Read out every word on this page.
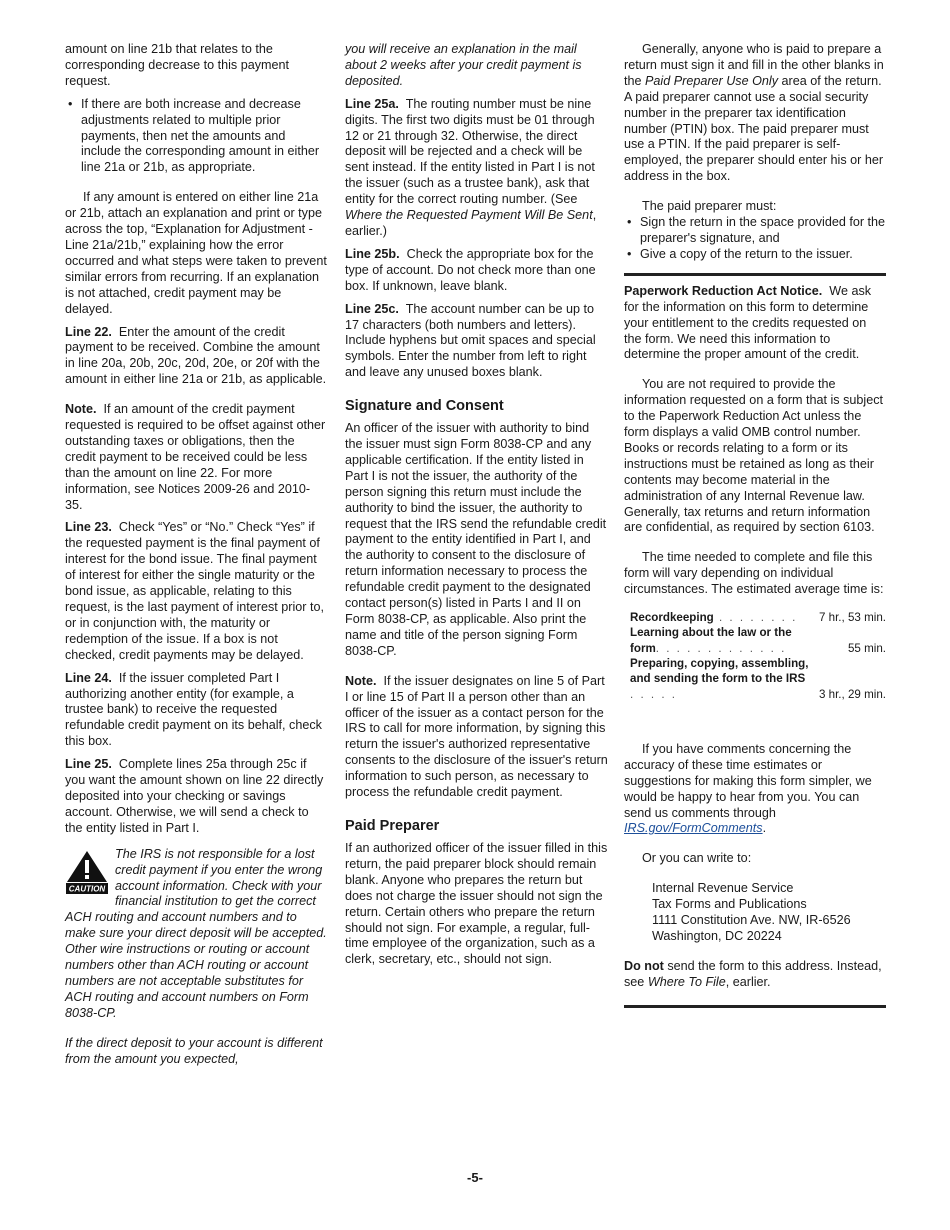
amount on line 21b that relates to the corresponding decrease to this payment request.

• If there are both increase and decrease adjustments related to multiple prior payments, then net the amounts and include the corresponding amount in either line 21a or 21b, as appropriate.

If any amount is entered on either line 21a or 21b, attach an explanation and print or type across the top, “Explanation for Adjustment - Line 21a/21b,” explaining how the error occurred and what steps were taken to prevent similar errors from recurring. If an explanation is not attached, credit payment may be delayed.

Line 22. Enter the amount of the credit payment to be received. Combine the amount in line 20a, 20b, 20c, 20d, 20e, or 20f with the amount in either line 21a or 21b, as applicable.

Note. If an amount of the credit payment requested is required to be offset against other outstanding taxes or obligations, then the credit payment to be received could be less than the amount on line 22. For more information, see Notices 2009-26 and 2010-35.

Line 23. Check “Yes” or “No.” Check “Yes” if the requested payment is the final payment of interest for the bond issue. The final payment of interest for either the single maturity or the bond issue, as applicable, relating to this request, is the last payment of interest prior to, or in conjunction with, the maturity or redemption of the issue. If a box is not checked, credit payments may be delayed.

Line 24. If the issuer completed Part I authorizing another entity (for example, a trustee bank) to receive the requested refundable credit payment on its behalf, check this box.

Line 25. Complete lines 25a through 25c if you want the amount shown on line 22 directly deposited into your checking or savings account. Otherwise, we will send a check to the entity listed in Part I.

CAUTION
The IRS is not responsible for a lost credit payment if you enter the wrong account information. Check with your financial institution to get the correct ACH routing and account numbers and to make sure your direct deposit will be accepted. Other wire instructions or routing or account numbers other than ACH routing or account numbers are not acceptable substitutes for ACH routing and account numbers on Form 8038-CP.

If the direct deposit to your account is different from the amount you expected,

you will receive an explanation in the mail about 2 weeks after your credit payment is deposited.

Line 25a. The routing number must be nine digits. The first two digits must be 01 through 12 or 21 through 32. Otherwise, the direct deposit will be rejected and a check will be sent instead. If the entity listed in Part I is not the issuer (such as a trustee bank), ask that entity for the correct routing number. (See Where the Requested Payment Will Be Sent, earlier.)

Line 25b. Check the appropriate box for the type of account. Do not check more than one box. If unknown, leave blank.

Line 25c. The account number can be up to 17 characters (both numbers and letters). Include hyphens but omit spaces and special symbols. Enter the number from left to right and leave any unused boxes blank.

Signature and Consent

An officer of the issuer with authority to bind the issuer must sign Form 8038-CP and any applicable certification. If the entity listed in Part I is not the issuer, the authority of the person signing this return must include the authority to bind the issuer, the authority to request that the IRS send the refundable credit payment to the entity identified in Part I, and the authority to consent to the disclosure of return information necessary to process the refundable credit payment to the designated contact person(s) listed in Parts I and II on Form 8038-CP, as applicable. Also print the name and title of the person signing Form 8038-CP.

Note. If the issuer designates on line 5 of Part I or line 15 of Part II a person other than an officer of the issuer as a contact person for the IRS to call for more information, by signing this return the issuer's authorized representative consents to the disclosure of the issuer's return information to such person, as necessary to process the refundable credit payment.

Paid Preparer

If an authorized officer of the issuer filled in this return, the paid preparer block should remain blank. Anyone who prepares the return but does not charge the issuer should not sign the return. Certain others who prepare the return should not sign. For example, a regular, full-time employee of the organization, such as a clerk, secretary, etc., should not sign.

Generally, anyone who is paid to prepare a return must sign it and fill in the other blanks in the Paid Preparer Use Only area of the return. A paid preparer cannot use a social security number in the preparer tax identification number (PTIN) box. The paid preparer must use a PTIN. If the paid preparer is self-employed, the preparer should enter his or her address in the box.

The paid preparer must:

• Sign the return in the space provided for the preparer's signature, and

• Give a copy of the return to the issuer.

Paperwork Reduction Act Notice. We ask for the information on this form to determine your entitlement to the credits requested on the form. We need this information to determine the proper amount of the credit.

You are not required to provide the information requested on a form that is subject to the Paperwork Reduction Act unless the form displays a valid OMB control number. Books or records relating to a form or its instructions must be retained as long as their contents may become material in the administration of any Internal Revenue law. Generally, tax returns and return information are confidential, as required by section 6103.

The time needed to complete and file this form will vary depending on individual circumstances. The estimated average time is:

Recordkeeping . . . . . . . .	7 hr., 53 min.
Learning about the law or the form. . . . . . . . . . . . .	55 min.
Preparing, copying, assembling, and sending the form to the IRS . . . . .	3 hr., 29 min.

If you have comments concerning the accuracy of these time estimates or suggestions for making this form simpler, we would be happy to hear from you. You can send us comments through IRS.gov/FormComments.

Or you can write to:

Internal Revenue Service
Tax Forms and Publications
1111 Constitution Ave. NW, IR-6526
Washington, DC 20224

Do not send the form to this address. Instead, see Where To File, earlier.

-5-
